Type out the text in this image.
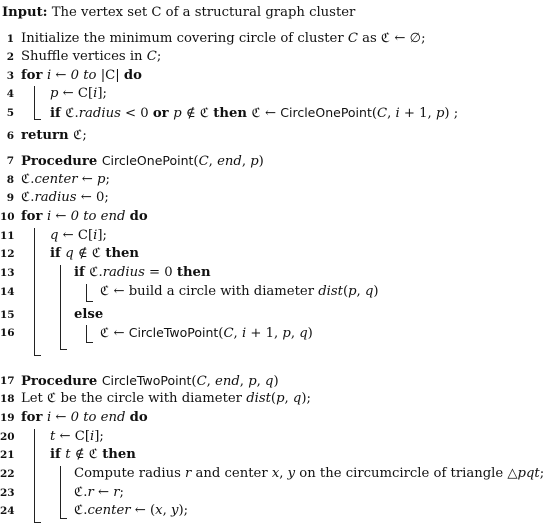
Input: The vertex set C of a structural graph cluster
1 Initialize the minimum covering circle of cluster C as ℭ ← ∅;
2 Shuffle vertices in C;
3 for i ← 0 to |C| do
4	p ← C[i];
5	if ℭ.radius < 0 or p ∉ ℭ then ℭ ← CircleOnePoint(C, i + 1, p) ;
6 return ℭ;
7 Procedure CircleOnePoint(C, end, p)
8 ℭ.center ← p;
9 ℭ.radius ← 0;
10 for i ← 0 to end do
11	q ← C[i];
12	if q ∉ ℭ then
13	if ℭ.radius = 0 then
14	ℭ ← build a circle with diameter dist(p, q)
15	else
16	ℭ ← CircleTwoPoint(C, i + 1, p, q)
17 Procedure CircleTwoPoint(C, end, p, q)
18 Let ℭ be the circle with diameter dist(p, q);
19 for i ← 0 to end do
20	t ← C[i];
21	if t ∉ ℭ then
22	Compute radius r and center x, y on the circumcircle of triangle △pqt;
23	ℭ.r ← r;
24	ℭ.center ← (x, y);
